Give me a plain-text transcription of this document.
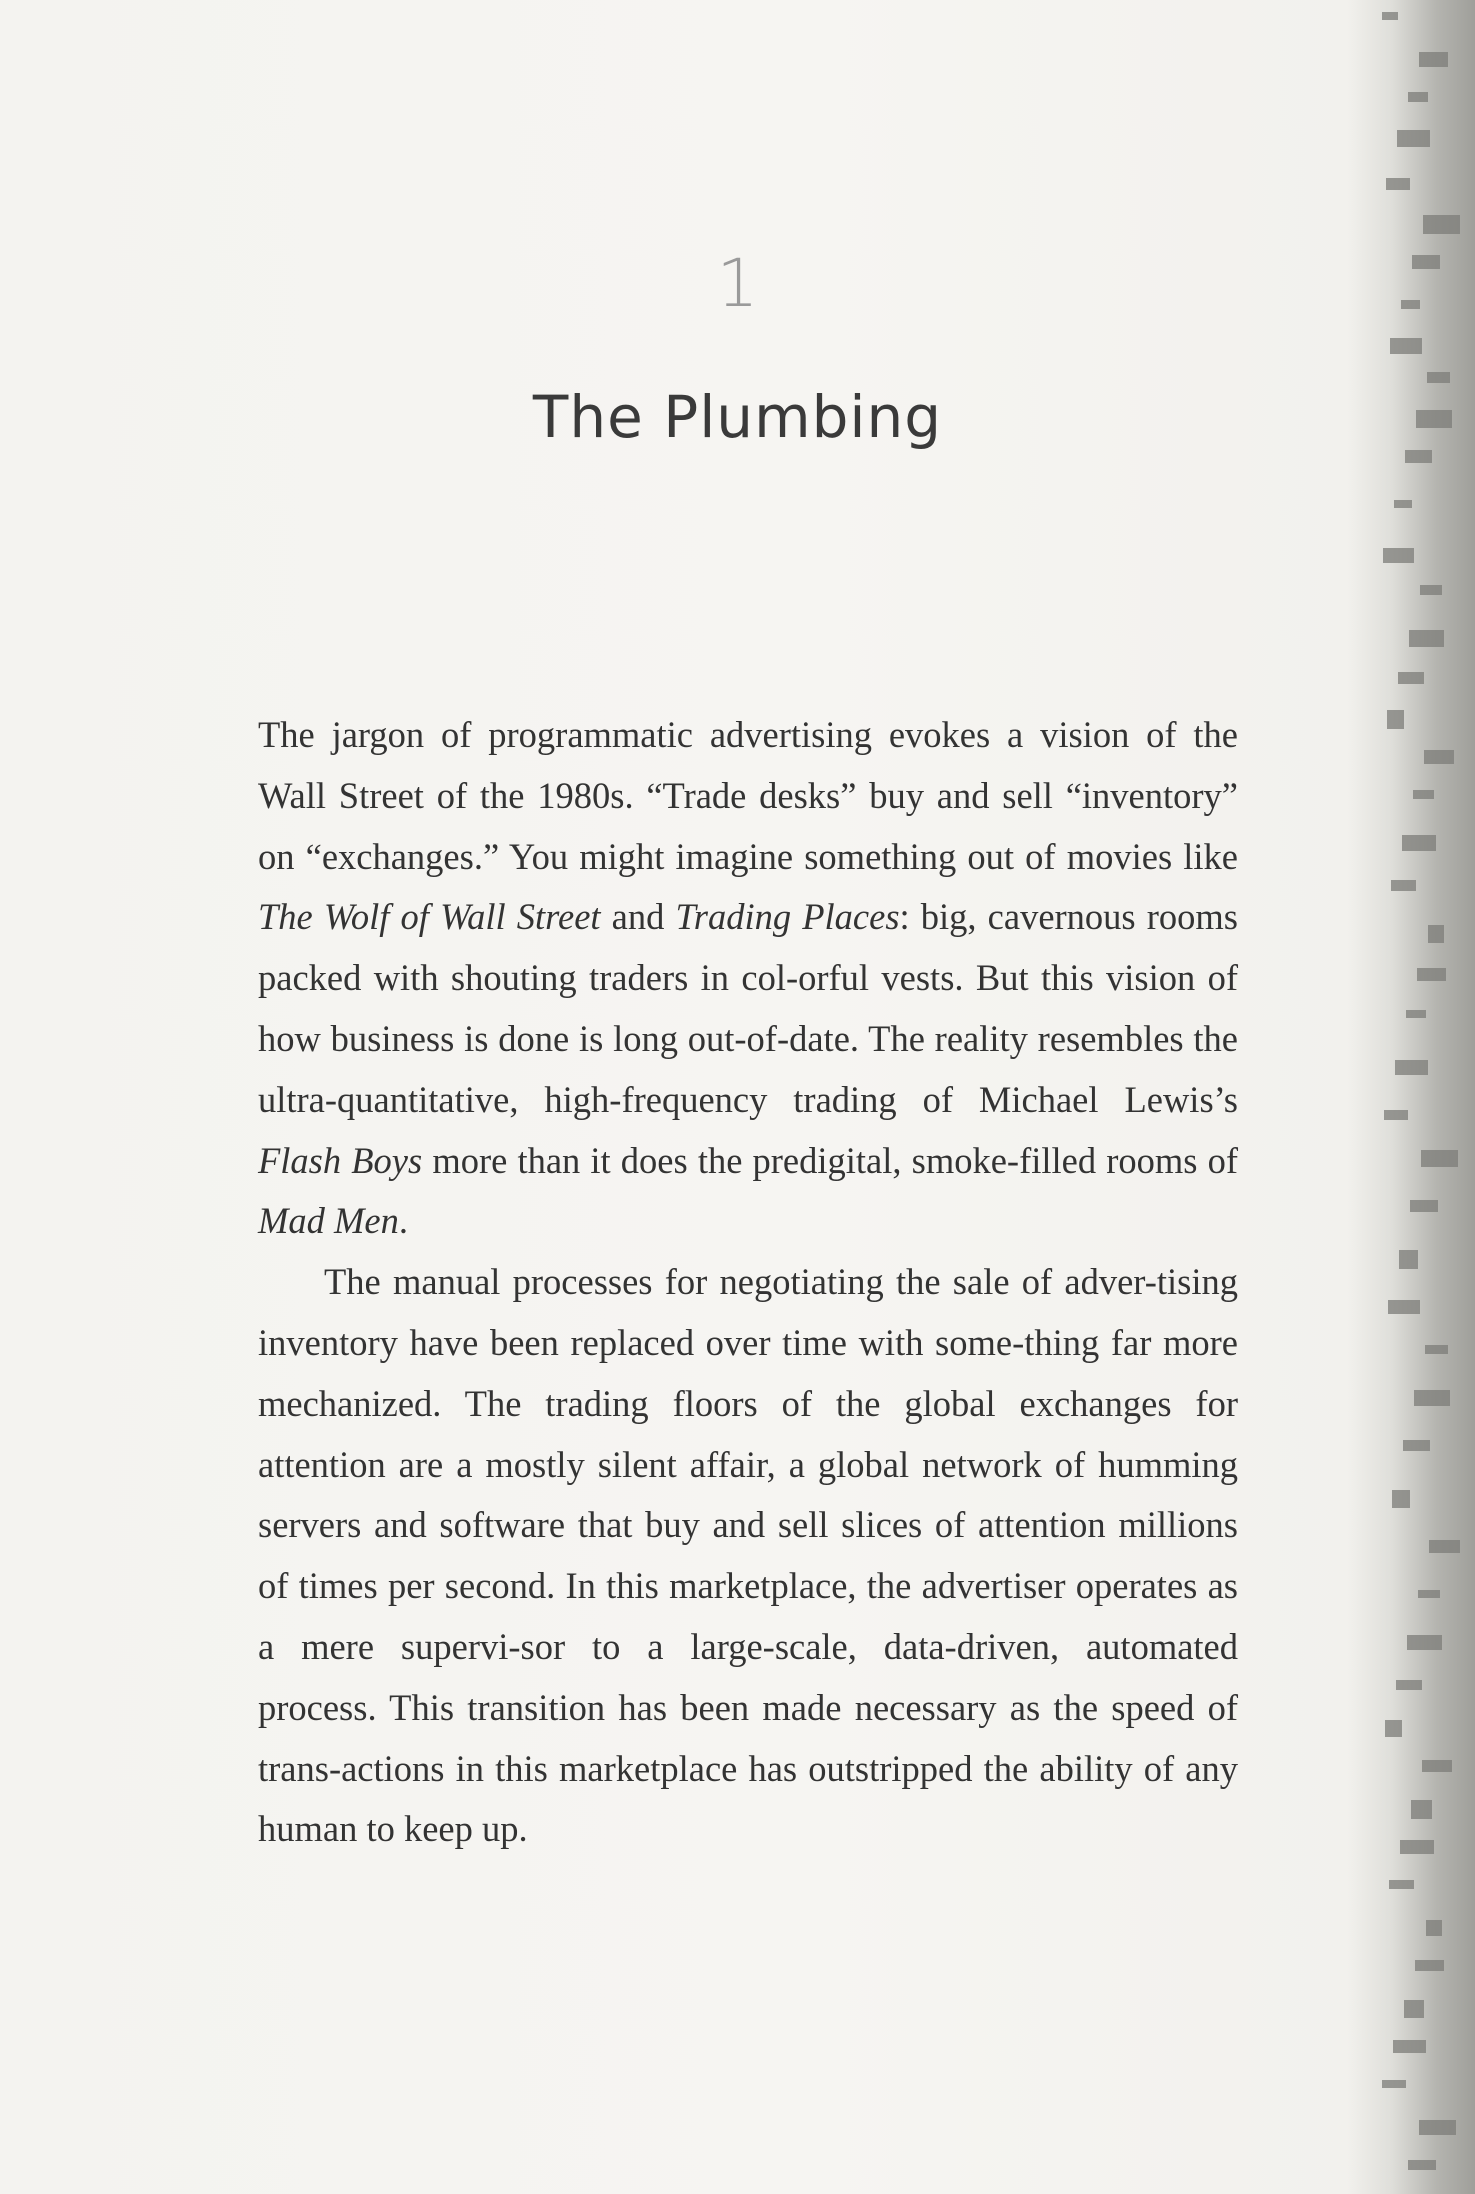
1
The Plumbing

The jargon of programmatic advertising evokes a vision of the Wall Street of the 1980s. “Trade desks” buy and sell “inventory” on “exchanges.” You might imagine something out of movies like The Wolf of Wall Street and Trading Places: big, cavernous rooms packed with shouting traders in col-orful vests. But this vision of how business is done is long out-of-date. The reality resembles the ultra-quantitative, high-frequency trading of Michael Lewis’s Flash Boys more than it does the predigital, smoke-filled rooms of Mad Men.

The manual processes for negotiating the sale of adver-tising inventory have been replaced over time with some-thing far more mechanized. The trading floors of the global exchanges for attention are a mostly silent affair, a global network of humming servers and software that buy and sell slices of attention millions of times per second. In this marketplace, the advertiser operates as a mere supervi-sor to a large-scale, data-driven, automated process. This transition has been made necessary as the speed of trans-actions in this marketplace has outstripped the ability of any human to keep up.
